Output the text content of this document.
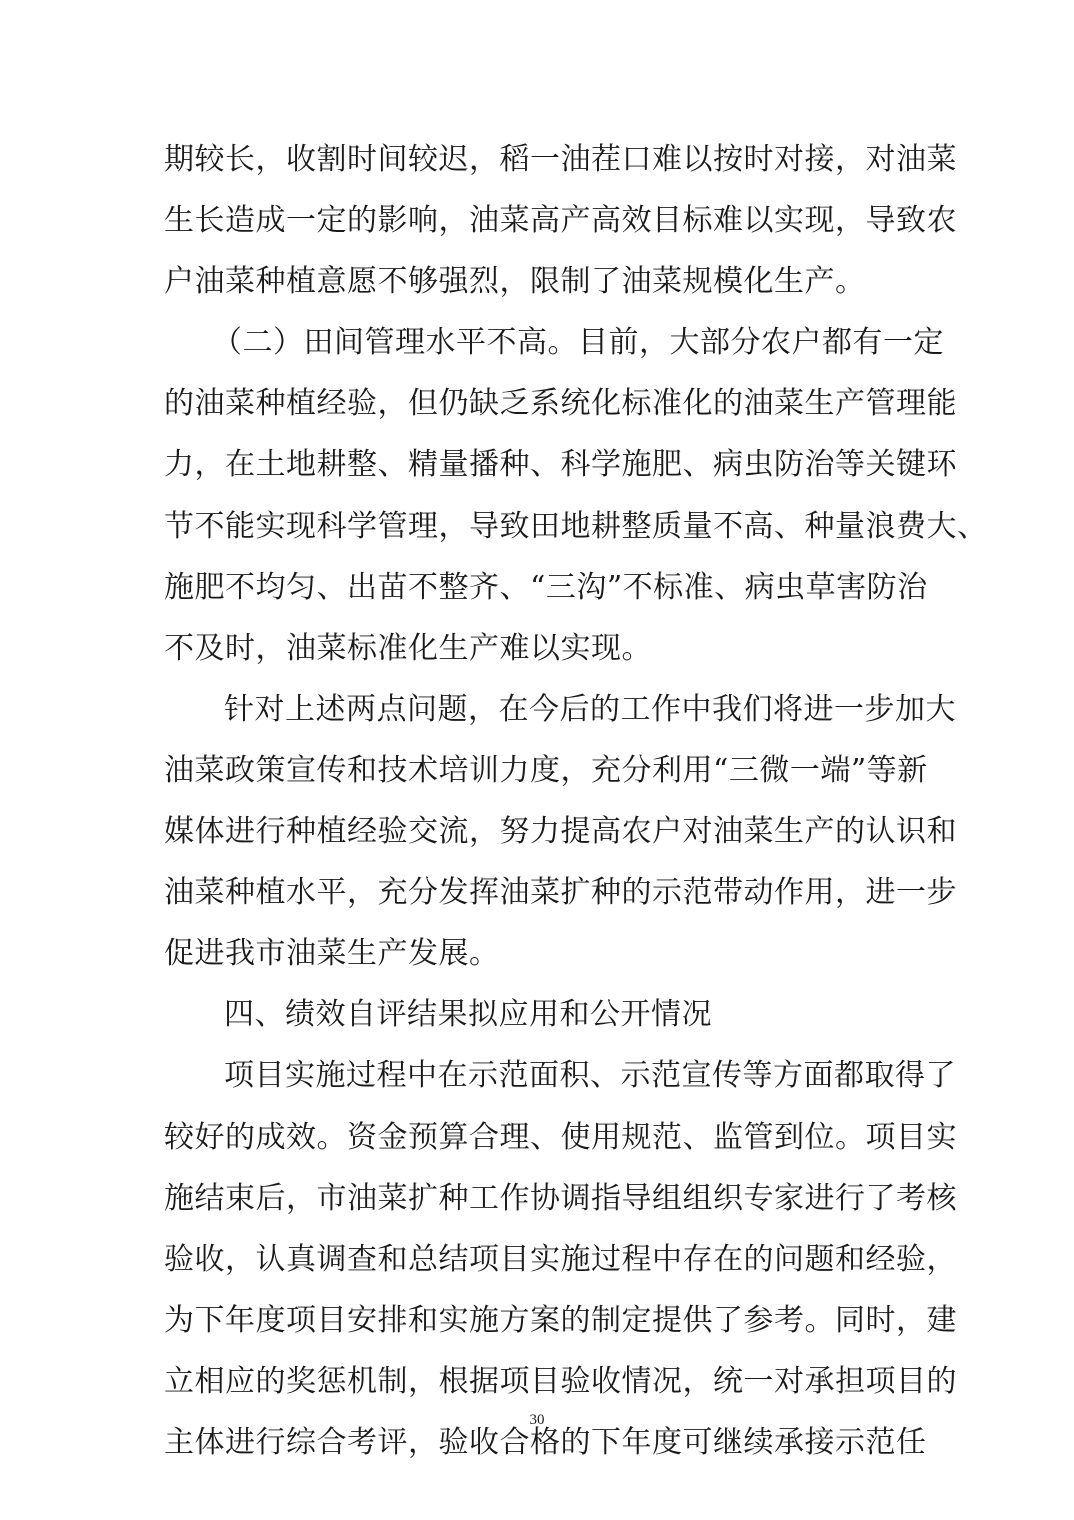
期较长，收割时间较迟，稻一油茬口难以按时对接，对油菜
生长造成一定的影响，油菜高产高效目标难以实现，导致农
户油菜种植意愿不够强烈，限制了油菜规模化生产。
（二）田间管理水平不高。目前，大部分农户都有一定
的油菜种植经验，但仍缺乏系统化标准化的油菜生产管理能
力，在土地耕整、精量播种、科学施肥、病虫防治等关键环
节不能实现科学管理，导致田地耕整质量不高、种量浪费大、
施肥不均匀、出苗不整齐、“三沟”不标准、病虫草害防治
不及时，油菜标准化生产难以实现。
针对上述两点问题，在今后的工作中我们将进一步加大
油菜政策宣传和技术培训力度，充分利用“三微一端”等新
媒体进行种植经验交流，努力提高农户对油菜生产的认识和
油菜种植水平，充分发挥油菜扩种的示范带动作用，进一步
促进我市油菜生产发展。
四、绩效自评结果拟应用和公开情况
项目实施过程中在示范面积、示范宣传等方面都取得了
较好的成效。资金预算合理、使用规范、监管到位。项目实
施结束后，市油菜扩种工作协调指导组组织专家进行了考核
验收，认真调查和总结项目实施过程中存在的问题和经验，
为下年度项目安排和实施方案的制定提供了参考。同时，建
立相应的奖惩机制，根据项目验收情况，统一对承担项目的
主体进行综合考评，验收合格的下年度可继续承接示范任
30
